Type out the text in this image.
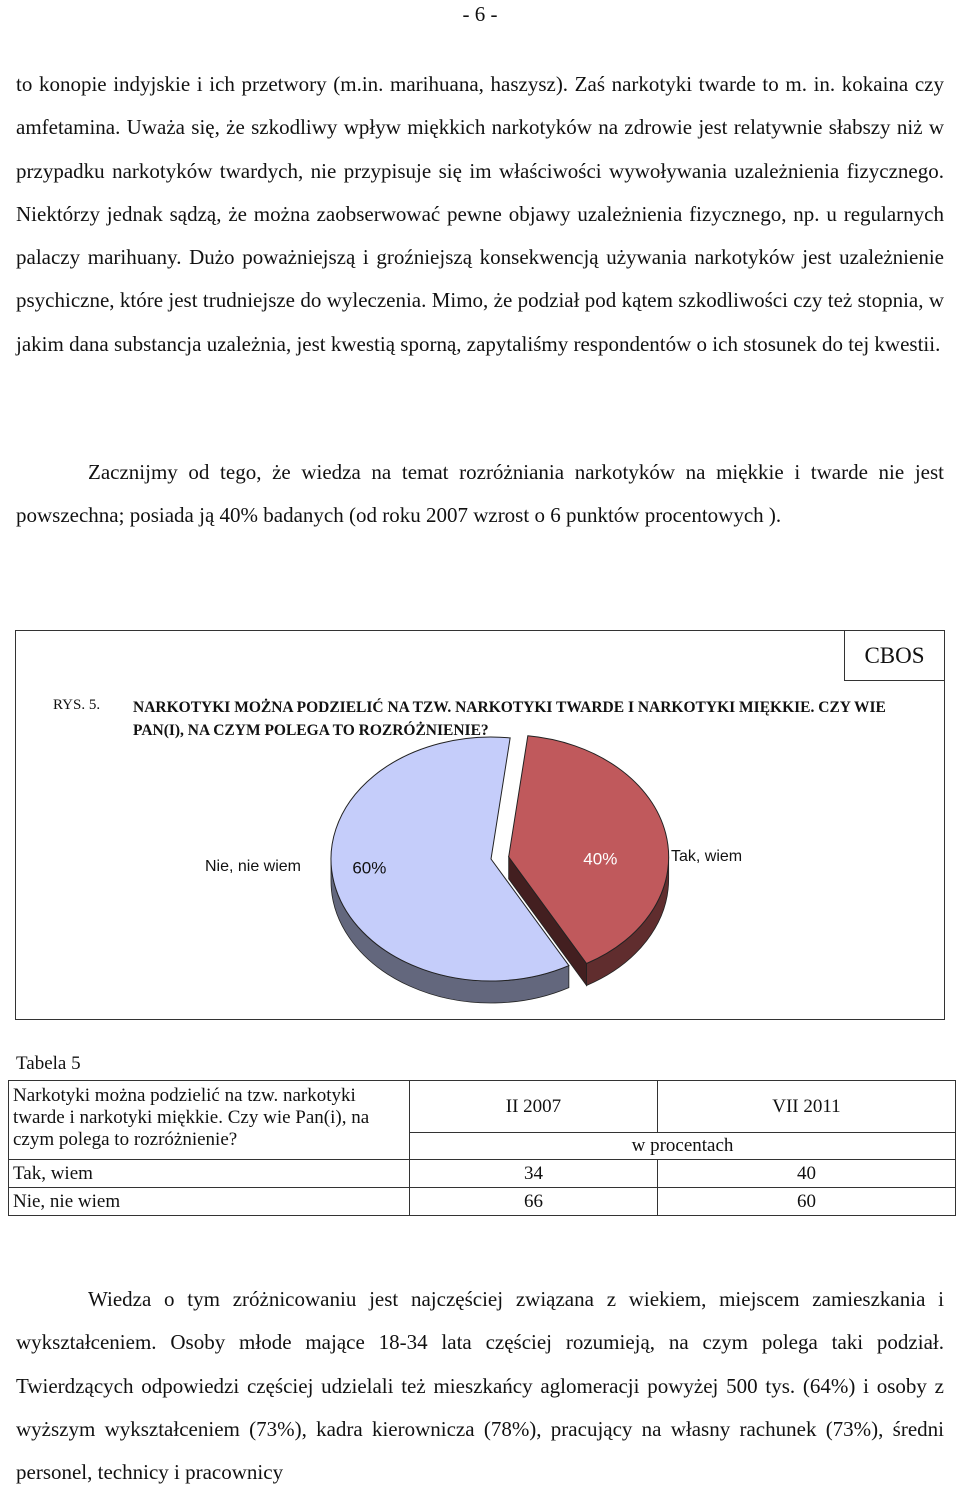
- 6 -

to konopie indyjskie i ich przetwory (m.in. marihuana, haszysz). Zaś narkotyki twarde to m. in. kokaina czy amfetamina. Uważa się, że szkodliwy wpływ miękkich narkotyków na zdrowie jest relatywnie słabszy niż w przypadku narkotyków twardych, nie przypisuje się im właściwości wywoływania uzależnienia fizycznego. Niektórzy jednak sądzą, że można zaobserwować pewne objawy uzależnienia fizycznego, np. u regularnych palaczy marihuany. Dużo poważniejszą i groźniejszą konsekwencją używania narkotyków jest uzależnienie psychiczne, które jest trudniejsze do wyleczenia. Mimo, że podział pod kątem szkodliwości czy też stopnia, w jakim dana substancja uzależnia, jest kwestią sporną, zapytaliśmy respondentów o ich stosunek do tej kwestii.

Zacznijmy od tego, że wiedza na temat rozróżniania narkotyków na miękkie i twarde nie jest powszechna; posiada ją 40% badanych (od roku 2007 wzrost o 6 punktów procentowych ).

CBOS
RYS. 5. NARKOTYKI MOŻNA PODZIELIĆ NA TZW. NARKOTYKI TWARDE I NARKOTYKI MIĘKKIE. CZY WIE PAN(I), NA CZYM POLEGA TO ROZRÓŻNIENIE?
40%	Tak, wiem
60%
Nie, nie wiem
Tabela 5
Narkotyki można podzielić na tzw. narkotyki twarde i narkotyki miękkie. Czy wie Pan(i), na czym polega to rozróżnienie?	II 2007	VII 2011
	w procentach	
Tak, wiem	34	40
Nie, nie wiem	66	60

Wiedza o tym zróżnicowaniu jest najczęściej związana z wiekiem, miejscem zamieszkania i wykształceniem. Osoby młode mające 18-34 lata częściej rozumieją, na czym polega taki podział. Twierdzących odpowiedzi częściej udzielali też mieszkańcy aglomeracji powyżej 500 tys. (64%) i osoby z wyższym wykształceniem (73%), kadra kierownicza (78%), pracujący na własny rachunek (73%), średni personel, technicy i pracownicy
